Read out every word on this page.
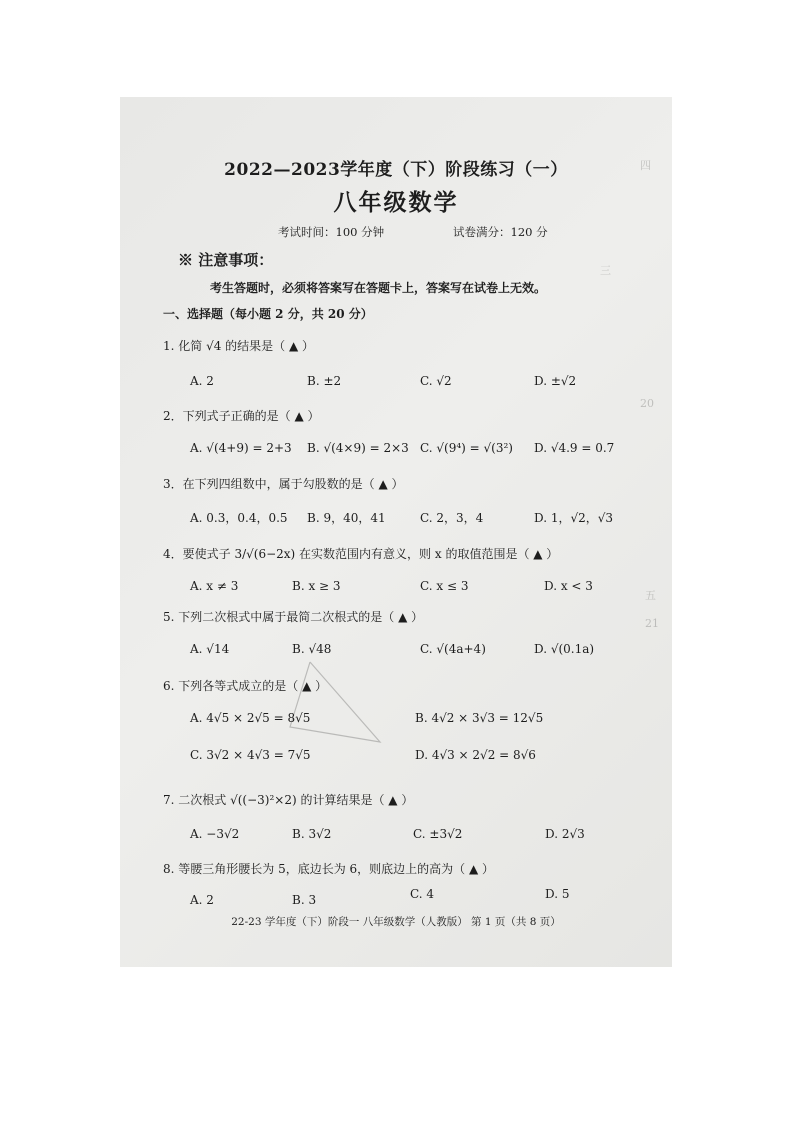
四
三
20
五
21
2022—2023学年度（下）阶段练习（一）
八年级数学
考试时间：100 分钟	试卷满分：120 分
※ 注意事项：
考生答题时，必须将答案写在答题卡上，答案写在试卷上无效。
一、选择题（每小题 2 分，共 20 分）
1. 化简 √4 的结果是（ ▲ ）
A. 2	B. ±2	C. √2	D. ±√2
2．下列式子正确的是（ ▲ ）
A. √(4+9) = 2+3 B. √(4×9) = 2×3 C. √(9⁴) = √(3²) D. √4.9 = 0.7
3．在下列四组数中，属于勾股数的是（ ▲ ）
A. 0.3，0.4，0.5 B. 9，40，41	C. 2，3，4	D. 1，√2，√3
4．要使式子 3/√(6−2x) 在实数范围内有意义，则 x 的取值范围是（ ▲ ）
A. x ≠ 3	B. x ≥ 3	C. x ≤ 3	D. x < 3
5. 下列二次根式中属于最简二次根式的是（ ▲ ）
A. √14	B. √48	C. √(4a+4)	D. √(0.1a)
6. 下列各等式成立的是（ ▲ ）
A. 4√5 × 2√5 = 8√5	B. 4√2 × 3√3 = 12√5
C. 3√2 × 4√3 = 7√5	D. 4√3 × 2√2 = 8√6
7. 二次根式 √((−3)²×2) 的计算结果是（ ▲ ）
A. −3√2	B. 3√2	C. ±3√2	D. 2√3
8. 等腰三角形腰长为 5，底边长为 6，则底边上的高为（ ▲ ）
A. 2	B. 3	C. 4	D. 5
22-23 学年度（下）阶段一 八年级数学（人教版） 第 1 页（共 8 页）
